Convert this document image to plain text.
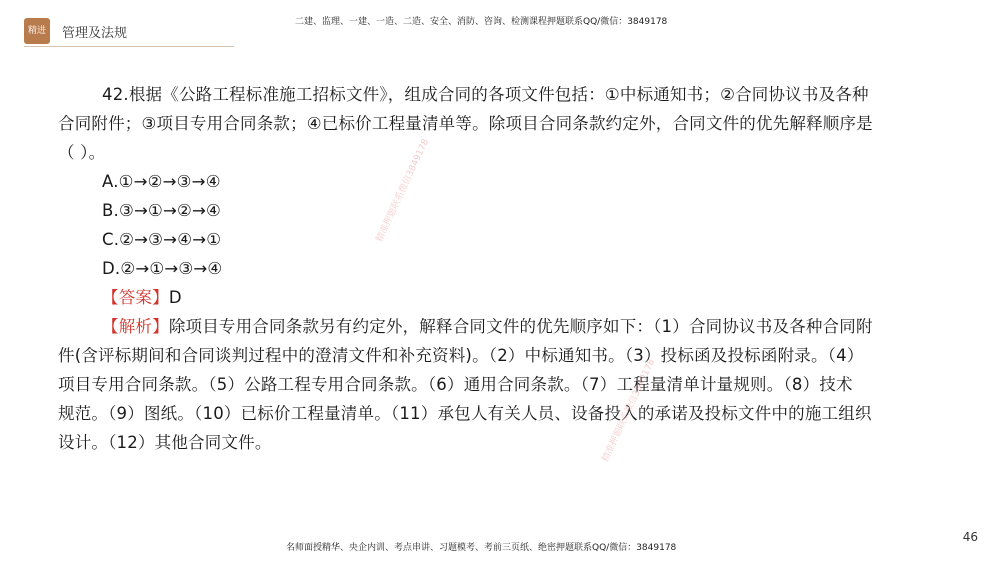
精进	管理及法规
二建、监理、一建、一造、二造、安全、消防、咨询、检测课程押题联系QQ/微信：3849178

42.根据《公路工程标准施工招标文件》，组成合同的各项文件包括：①中标通知书；②合同协议书及各种

合同附件；③项目专用合同条款；④已标价工程量清单等。除项目合同条款约定外，合同文件的优先解释顺序是

（ ）。

A.①→②→③→④

B.③→①→②→④

C.②→③→④→①

D.②→①→③→④

【答案】D

【解析】除项目专用合同条款另有约定外，解释合同文件的优先顺序如下：（1）合同协议书及各种合同附

件(含评标期间和合同谈判过程中的澄清文件和补充资料)。（2）中标通知书。（3）投标函及投标函附录。（4）

项目专用合同条款。（5）公路工程专用合同条款。（6）通用合同条款。（7）工程量清单计量规则。（8）技术

规范。（9）图纸。（10）已标价工程量清单。（11）承包人有关人员、设备投入的承诺及投标文件中的施工组织

设计。（12）其他合同文件。

精准押题联系微信3849178
精准押题联系微信3849178
名师面授精华、央企内训、考点串讲、习题模考、考前三页纸、绝密押题联系QQ/微信：3849178
46
